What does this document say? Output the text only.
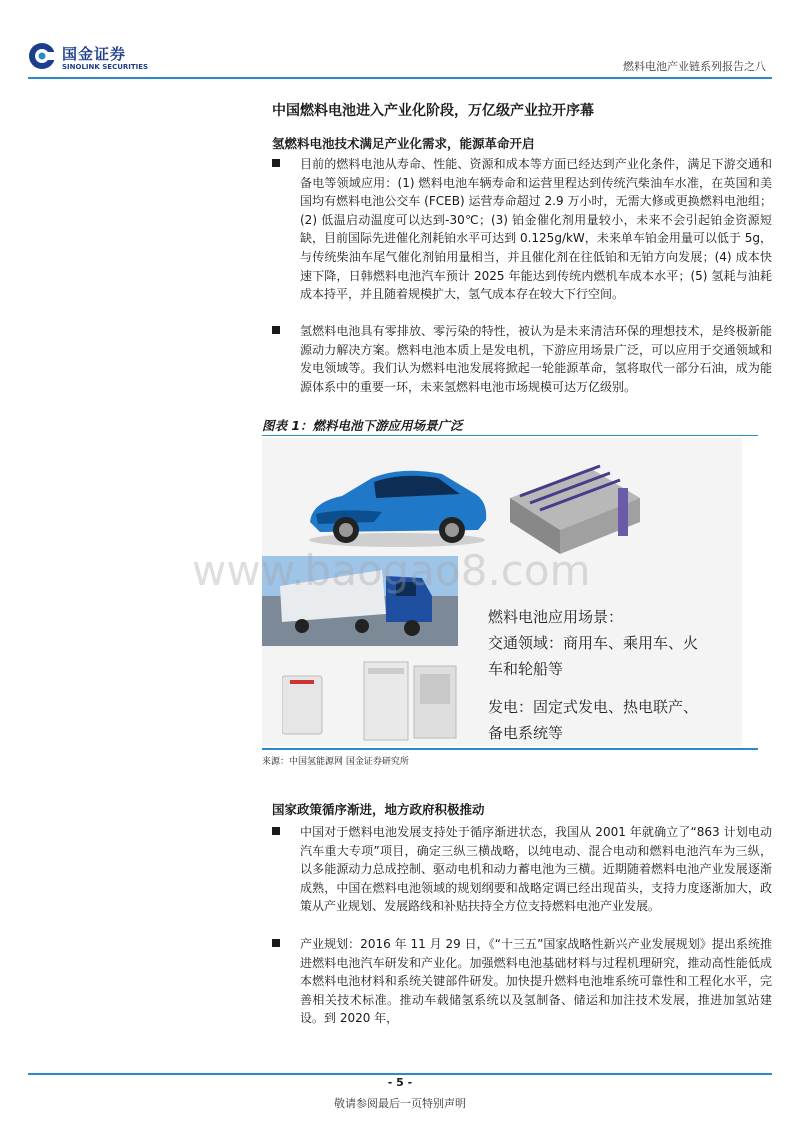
国金证券
SINOLINK SECURITIES	燃料电池产业链系列报告之八
中国燃料电池进入产业化阶段，万亿级产业拉开序幕
氢燃料电池技术满足产业化需求，能源革命开启
目前的燃料电池从寿命、性能、资源和成本等方面已经达到产业化条件，满足下游交通和备电等领域应用：(1) 燃料电池车辆寿命和运营里程达到传统汽柴油车水准，在英国和美国均有燃料电池公交车 (FCEB) 运营寿命超过 2.9 万小时，无需大修或更换燃料电池组；(2) 低温启动温度可以达到-30℃；(3) 铂金催化剂用量较小，未来不会引起铂金资源短缺，目前国际先进催化剂耗铂水平可达到 0.125g/kW，未来单车铂金用量可以低于 5g，与传统柴油车尾气催化剂铂用量相当，并且催化剂在往低铂和无铂方向发展；(4) 成本快速下降，日韩燃料电池汽车预计 2025 年能达到传统内燃机车成本水平；(5) 氢耗与油耗成本持平，并且随着规模扩大，氢气成本存在较大下行空间。
氢燃料电池具有零排放、零污染的特性，被认为是未来清洁环保的理想技术，是终极新能源动力解决方案。燃料电池本质上是发电机，下游应用场景广泛，可以应用于交通领域和发电领域等。我们认为燃料电池发展将掀起一轮能源革命，氢将取代一部分石油，成为能源体系中的重要一环，未来氢燃料电池市场规模可达万亿级别。
图表 1：燃料电池下游应用场景广泛
燃料电池应用场景：
交通领域：商用车、乘用车、火
车和轮船等
发电：固定式发电、热电联产、
备电系统等
www.baogao8.com
来源：中国氢能源网 国金证券研究所
国家政策循序渐进，地方政府积极推动
中国对于燃料电池发展支持处于循序渐进状态，我国从 2001 年就确立了“863 计划电动汽车重大专项”项目，确定三纵三横战略，以纯电动、混合电动和燃料电池汽车为三纵，以多能源动力总成控制、驱动电机和动力蓄电池为三横。近期随着燃料电池产业发展逐渐成熟，中国在燃料电池领域的规划纲要和战略定调已经出现苗头，支持力度逐渐加大，政策从产业规划、发展路线和补贴扶持全方位支持燃料电池产业发展。
产业规划：2016 年 11 月 29 日，《“十三五”国家战略性新兴产业发展规划》提出系统推进燃料电池汽车研发和产业化。加强燃料电池基础材料与过程机理研究，推动高性能低成本燃料电池材料和系统关键部件研发。加快提升燃料电池堆系统可靠性和工程化水平，完善相关技术标准。推动车载储氢系统以及氢制备、储运和加注技术发展，推进加氢站建设。到 2020 年，
- 5 -
敬请参阅最后一页特别声明
